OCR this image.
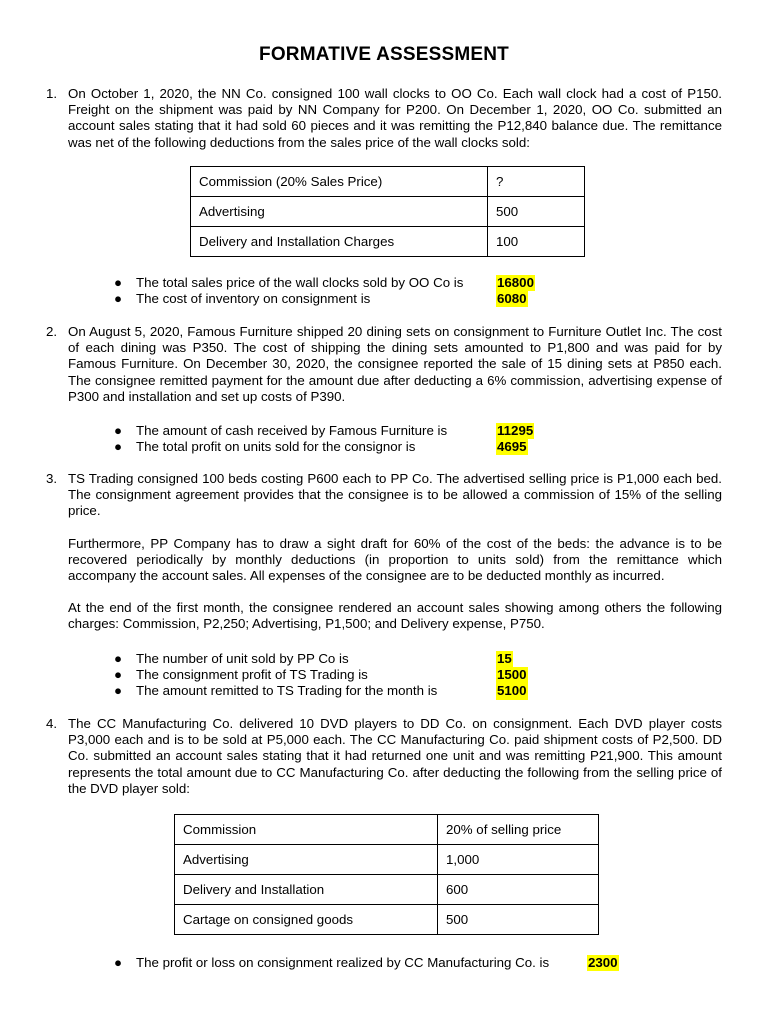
FORMATIVE ASSESSMENT
1. On October 1, 2020, the NN Co. consigned 100 wall clocks to OO Co. Each wall clock had a cost of P150. Freight on the shipment was paid by NN Company for P200. On December 1, 2020, OO Co. submitted an account sales stating that it had sold 60 pieces and it was remitting the P12,840 balance due. The remittance was net of the following deductions from the sales price of the wall clocks sold:

Commission (20% Sales Price)	?
Advertising	500
Delivery and Installation Charges	100
● The total sales price of the wall clocks sold by OO Co is	16800
● The cost of inventory on consignment is	6080
2. On August 5, 2020, Famous Furniture shipped 20 dining sets on consignment to Furniture Outlet Inc. The cost of each dining was P350. The cost of shipping the dining sets amounted to P1,800 and was paid for by Famous Furniture. On December 30, 2020, the consignee reported the sale of 15 dining sets at P850 each. The consignee remitted payment for the amount due after deducting a 6% commission, advertising expense of P300 and installation and set up costs of P390.

● The amount of cash received by Famous Furniture is	11295
● The total profit on units sold for the consignor is	4695
3. TS Trading consigned 100 beds costing P600 each to PP Co. The advertised selling price is P1,000 each bed. The consignment agreement provides that the consignee is to be allowed a commission of 15% of the selling price.

Furthermore, PP Company has to draw a sight draft for 60% of the cost of the beds: the advance is to be recovered periodically by monthly deductions (in proportion to units sold) from the remittance which accompany the account sales. All expenses of the consignee are to be deducted monthly as incurred.

At the end of the first month, the consignee rendered an account sales showing among others the following charges: Commission, P2,250; Advertising, P1,500; and Delivery expense, P750.

● The number of unit sold by PP Co is	15
● The consignment profit of TS Trading is	1500
● The amount remitted to TS Trading for the month is	5100
4. The CC Manufacturing Co. delivered 10 DVD players to DD Co. on consignment. Each DVD player costs P3,000 each and is to be sold at P5,000 each. The CC Manufacturing Co. paid shipment costs of P2,500. DD Co. submitted an account sales stating that it had returned one unit and was remitting P21,900. This amount represents the total amount due to CC Manufacturing Co. after deducting the following from the selling price of the DVD player sold:

Commission	20% of selling price
Advertising	1,000
Delivery and Installation	600
Cartage on consigned goods	500
● The profit or loss on consignment realized by CC Manufacturing Co. is	2300
